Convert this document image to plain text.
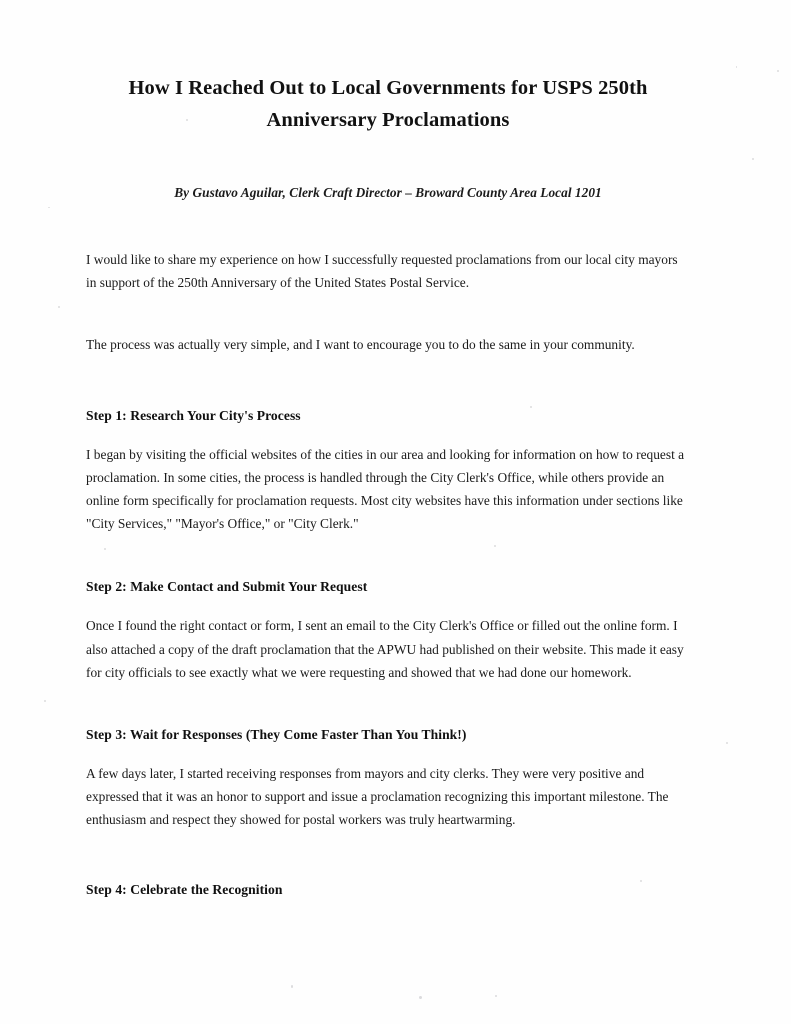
How I Reached Out to Local Governments for USPS 250th Anniversary Proclamations

By Gustavo Aguilar, Clerk Craft Director – Broward County Area Local 1201

I would like to share my experience on how I successfully requested proclamations from our local city mayors in support of the 250th Anniversary of the United States Postal Service.

The process was actually very simple, and I want to encourage you to do the same in your community.

Step 1: Research Your City's Process

I began by visiting the official websites of the cities in our area and looking for information on how to request a proclamation. In some cities, the process is handled through the City Clerk's Office, while others provide an online form specifically for proclamation requests. Most city websites have this information under sections like "City Services," "Mayor's Office," or "City Clerk."

Step 2: Make Contact and Submit Your Request

Once I found the right contact or form, I sent an email to the City Clerk's Office or filled out the online form. I also attached a copy of the draft proclamation that the APWU had published on their website. This made it easy for city officials to see exactly what we were requesting and showed that we had done our homework.

Step 3: Wait for Responses (They Come Faster Than You Think!)

A few days later, I started receiving responses from mayors and city clerks. They were very positive and expressed that it was an honor to support and issue a proclamation recognizing this important milestone. The enthusiasm and respect they showed for postal workers was truly heartwarming.

Step 4: Celebrate the Recognition
